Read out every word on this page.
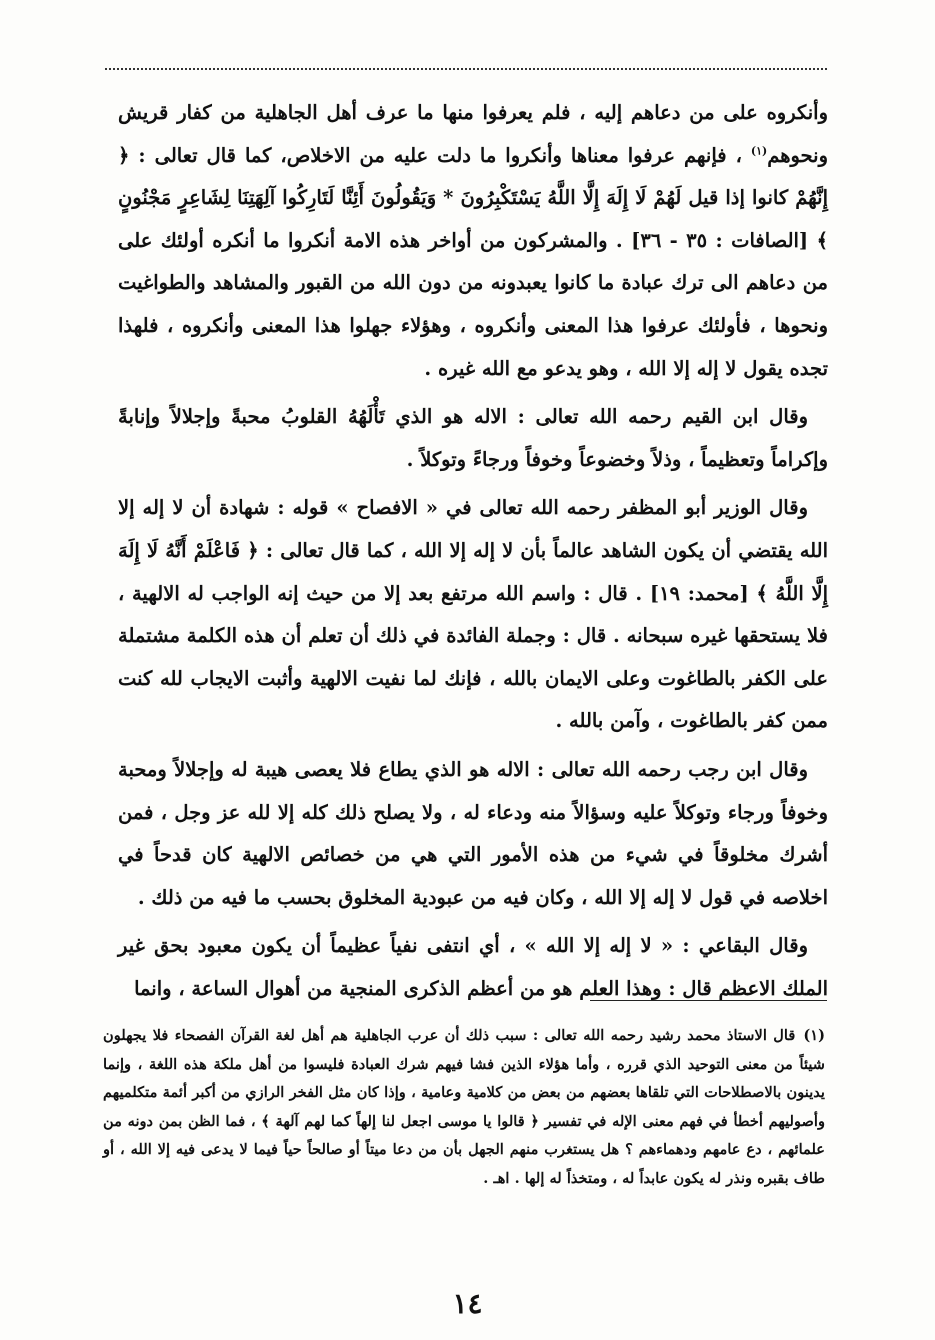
وأنكروه على من دعاهم إليه ، فلم يعرفوا منها ما عرف أهل الجاهلية من كفار قريش ونحوهم$^{(١)}$ ، فإنهم عرفوا معناها وأنكروا ما دلت عليه من الاخلاص، كما قال تعالى : ﴿ إِنَّهُمْ كانوا إذا قيل لَهُمْ لَا إِلَهَ إِلَّا اللَّهُ يَسْتَكْبِرُونَ * وَيَقُولُونَ أَئِنَّا لَتَارِكُوا آلِهَتِنَا لِشَاعِرٍ مَجْنُونٍ ﴾ [الصافات : ٣٥ - ٣٦] . والمشركون من أواخر هذه الامة أنكروا ما أنكره أولئك على من دعاهم الى ترك عبادة ما كانوا يعبدونه من دون الله من القبور والمشاهد والطواغيت ونحوها ، فأولئك عرفوا هذا المعنى وأنكروه ، وهؤلاء جهلوا هذا المعنى وأنكروه ، فلهذا تجده يقول لا إله إلا الله ، وهو يدعو مع الله غيره .

وقال ابن القيم رحمه الله تعالى : الاله هو الذي تَأْلَهُهُ القلوبُ محبةً وإجلالاً وإنابةً وإكراماً وتعظيماً ، وذلاً وخضوعاً وخوفاً ورجاءً وتوكلاً .

وقال الوزير أبو المظفر رحمه الله تعالى في « الافصاح » قوله : شهادة أن لا إله إلا الله يقتضي أن يكون الشاهد عالماً بأن لا إله إلا الله ، كما قال تعالى : ﴿ فَاعْلَمْ أَنَّهُ لَا إِلَهَ إِلَّا اللَّهُ ﴾ [محمد: ١٩] . قال : واسم الله مرتفع بعد إلا من حيث إنه الواجب له الالهية ، فلا يستحقها غيره سبحانه . قال : وجملة الفائدة في ذلك أن تعلم أن هذه الكلمة مشتملة على الكفر بالطاغوت وعلى الايمان بالله ، فإنك لما نفيت الالهية وأثبت الايجاب لله كنت ممن كفر بالطاغوت ، وآمن بالله .

وقال ابن رجب رحمه الله تعالى : الاله هو الذي يطاع فلا يعصى هيبة له وإجلالاً ومحبة وخوفاً ورجاء وتوكلاً عليه وسؤالاً منه ودعاء له ، ولا يصلح ذلك كله إلا لله عز وجل ، فمن أشرك مخلوقاً في شيء من هذه الأمور التي هي من خصائص الالهية كان قدحاً في اخلاصه في قول لا إله إلا الله ، وكان فيه من عبودية المخلوق بحسب ما فيه من ذلك .

وقال البقاعي : « لا إله إلا الله » ، أي انتفى نفياً عظيماً أن يكون معبود بحق غير الملك الاعظم قال : وهذا العلم هو من أعظم الذكرى المنجية من أهوال الساعة ، وانما

(١)قال الاستاذ محمد رشيد رحمه الله تعالى : سبب ذلك أن عرب الجاهلية هم أهل لغة القرآن الفصحاء فلا يجهلون شيئاً من معنى التوحيد الذي قرره ، وأما هؤلاء الذين فشا فيهم شرك العبادة فليسوا من أهل ملكة هذه اللغة ، وإنما يدينون بالاصطلاحات التي تلقاها بعضهم من بعض من كلامية وعامية ، وإذا كان مثل الفخر الرازي من أكبر أئمة متكلميهم وأصوليهم أخطأ في فهم معنى الإله في تفسير ﴿ قالوا يا موسى اجعل لنا إلهاً كما لهم آلهة ﴾ ، فما الظن بمن دونه من علمائهم ، دع عامهم ودهماءهم ؟ هل يستغرب منهم الجهل بأن من دعا ميتاً أو صالحاً حياً فيما لا يدعى فيه إلا الله ، أو طاف بقبره ونذر له يكون عابداً له ، ومتخذاً له إلها . اهـ .
١٤
